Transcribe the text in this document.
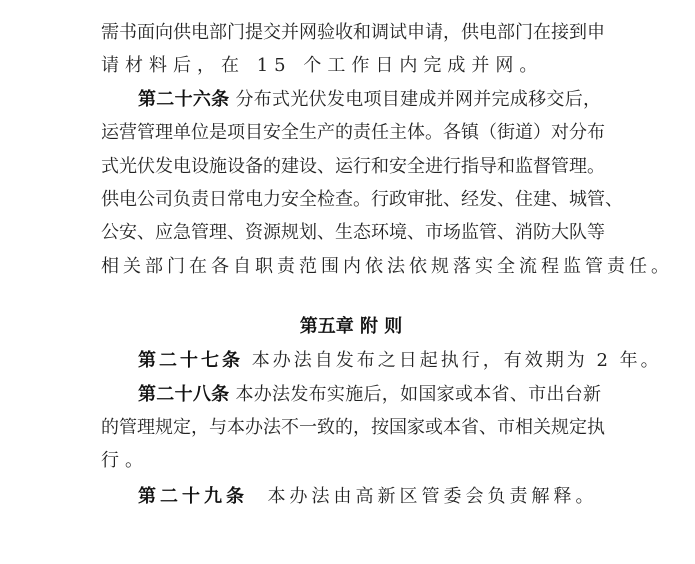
需书面向供电部门提交并网验收和调试申请，供电部门在接到申
请材料后，在 15 个工作日内完成并网。
第二十六条 分布式光伏发电项目建成并网并完成移交后，
运营管理单位是项目安全生产的责任主体。各镇（街道）对分布
式光伏发电设施设备的建设、运行和安全进行指导和监督管理。
供电公司负责日常电力安全检查。行政审批、经发、住建、城管、
公安、应急管理、资源规划、生态环境、市场监管、消防大队等
相关部门在各自职责范围内依法依规落实全流程监管责任。
第五章 附 则
第二十七条 本办法自发布之日起执行，有效期为 2 年。
第二十八条 本办法发布实施后，如国家或本省、市出台新
的管理规定，与本办法不一致的，按国家或本省、市相关规定执
行。
第二十九条 本办法由高新区管委会负责解释。
